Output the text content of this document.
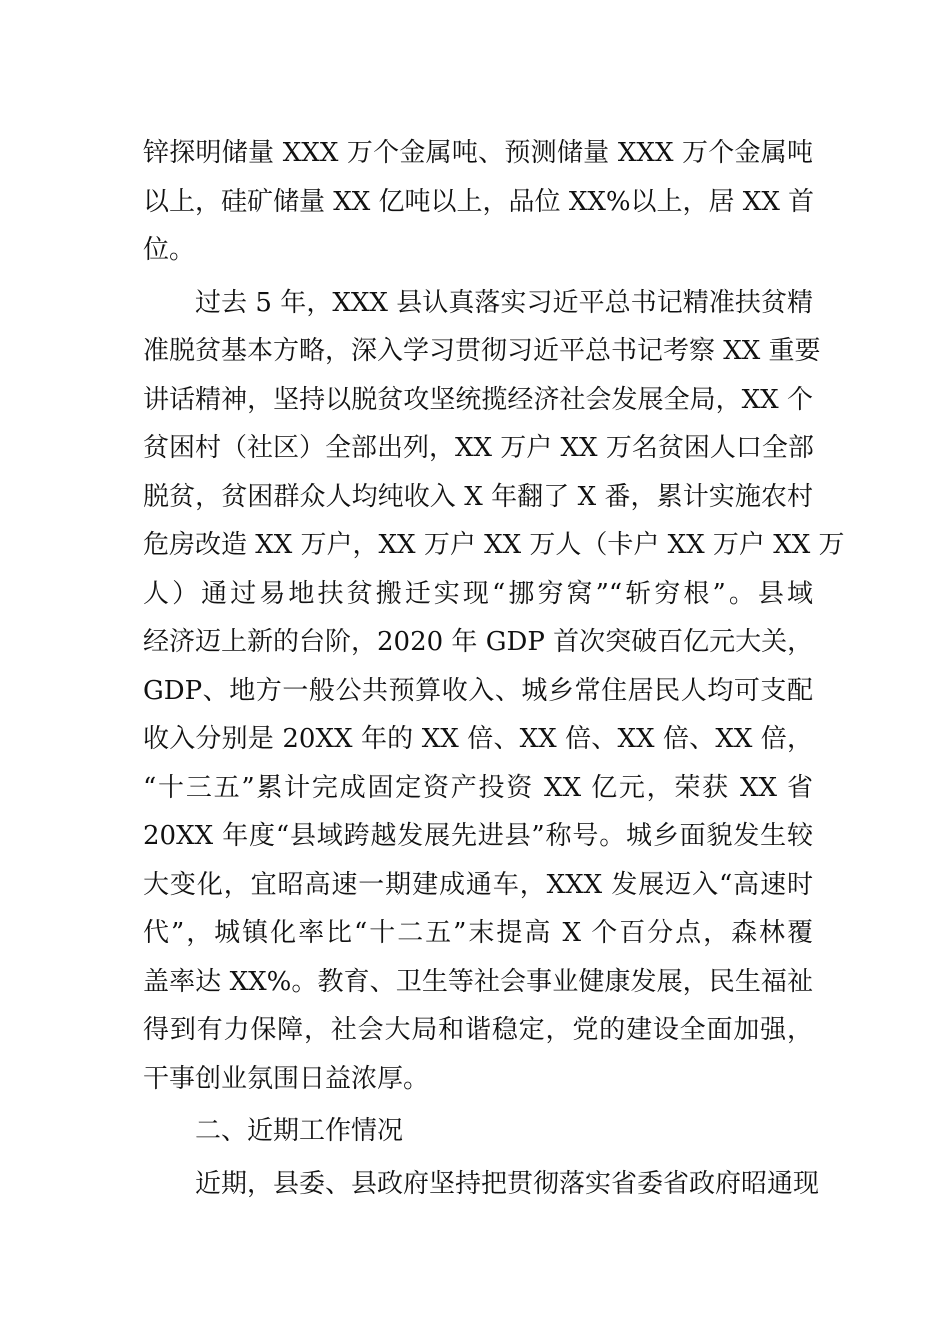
锌探明储量 XXX 万个金属吨、预测储量 XXX 万个金属吨
以上，硅矿储量 XX 亿吨以上，品位 XX%以上，居 XX 首
位。
过去 5 年，XXX 县认真落实习近平总书记精准扶贫精
准脱贫基本方略，深入学习贯彻习近平总书记考察 XX 重要
讲话精神，坚持以脱贫攻坚统揽经济社会发展全局，XX 个
贫困村（社区）全部出列，XX 万户 XX 万名贫困人口全部
脱贫，贫困群众人均纯收入 X 年翻了 X 番，累计实施农村
危房改造 XX 万户，XX 万户 XX 万人（卡户 XX 万户 XX 万
人）通过易地扶贫搬迁实现“挪穷窝”“斩穷根”。县域
经济迈上新的台阶，2020 年 GDP 首次突破百亿元大关，
GDP、地方一般公共预算收入、城乡常住居民人均可支配
收入分别是 20XX 年的 XX 倍、XX 倍、XX 倍、XX 倍，
“十三五”累计完成固定资产投资 XX 亿元，荣获 XX 省
20XX 年度“县域跨越发展先进县”称号。城乡面貌发生较
大变化，宜昭高速一期建成通车，XXX 发展迈入“高速时
代”，城镇化率比“十二五”末提高 X 个百分点，森林覆
盖率达 XX%。教育、卫生等社会事业健康发展，民生福祉
得到有力保障，社会大局和谐稳定，党的建设全面加强，
干事创业氛围日益浓厚。
二、近期工作情况
近期，县委、县政府坚持把贯彻落实省委省政府昭通现
